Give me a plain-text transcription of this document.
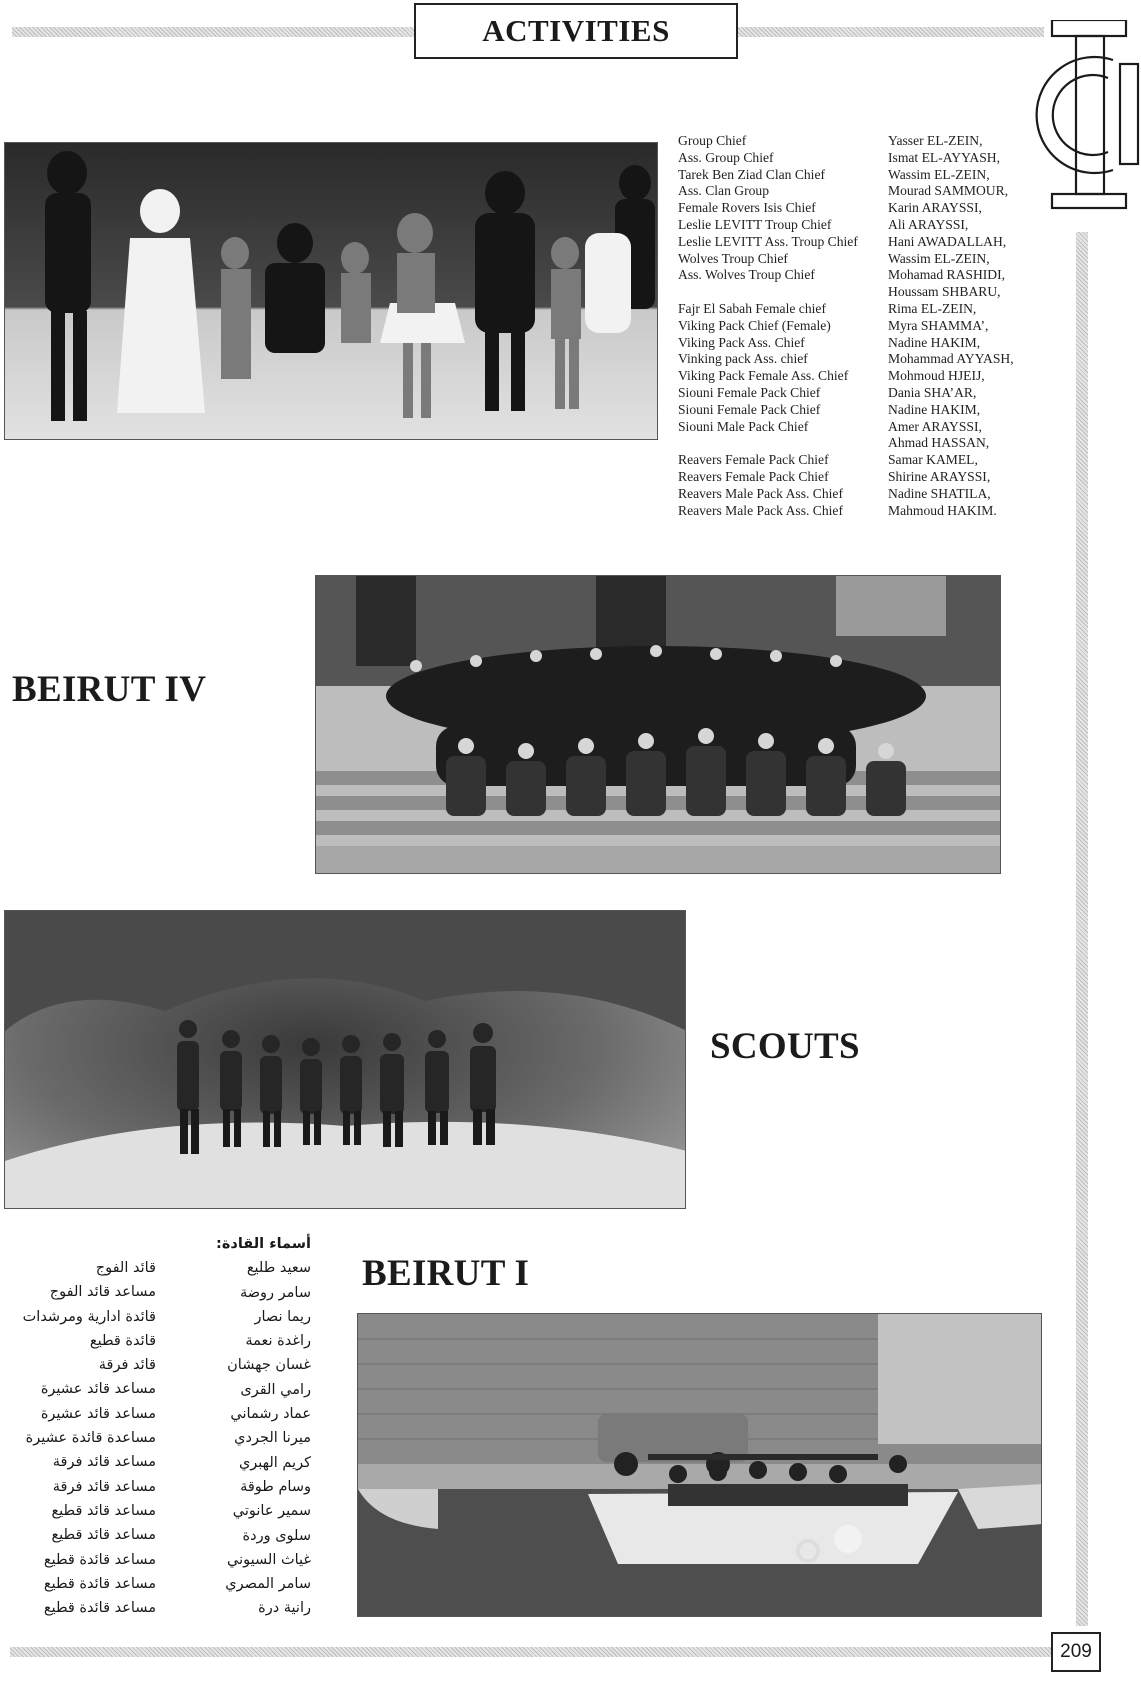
ACTIVITIES
Group Chief
Ass. Group Chief
Tarek Ben Ziad Clan Chief
Ass. Clan Group
Female Rovers Isis Chief
Leslie LEVITT Troup Chief
Leslie LEVITT Ass. Troup Chief
Wolves Troup Chief
Ass. Wolves Troup Chief
Fajr El Sabah Female chief
Viking Pack Chief (Female)
Viking Pack Ass. Chief
Vinking pack Ass. chief
Viking Pack Female Ass. Chief
Siouni Female Pack Chief
Siouni Female Pack Chief
Siouni Male Pack Chief
Reavers Female Pack Chief
Reavers Female Pack Chief
Reavers Male Pack Ass. Chief
Reavers Male Pack Ass. Chief
Yasser EL-ZEIN,
Ismat EL-AYYASH,
Wassim EL-ZEIN,
Mourad SAMMOUR,
Karin ARAYSSI,
Ali ARAYSSI,
Hani AWADALLAH,
Wassim EL-ZEIN,
Mohamad RASHIDI,
Houssam SHBARU,
Rima EL-ZEIN,
Myra SHAMMA’,
Nadine HAKIM,
Mohammad AYYASH,
Mohmoud HJEIJ,
Dania SHA’AR,
Nadine HAKIM,
Amer ARAYSSI,
Ahmad HASSAN,
Samar KAMEL,
Shirine ARAYSSI,
Nadine SHATILA,
Mahmoud HAKIM.
BEIRUT IV
SCOUTS
أسماء القادة:
سعيد طليع
سامر روضة
ريما نصار
راغدة نعمة
غسان جهشان
رامي القرى
عماد رشماني
ميرنا الجردي
كريم الهبري
وسام طوقة
سمير عانوتي
سلوى وردة
غياث السيوني
سامر المصري
رانية درة
قائد الفوج
مساعد قائد الفوج
قائدة ادارية ومرشدات
قائدة قطيع
قائد فرقة
مساعد قائد عشيرة
مساعد قائد عشيرة
مساعدة قائدة عشيرة
مساعد قائد فرقة
مساعد قائد فرقة
مساعد قائد قطيع
مساعد قائد قطيع
مساعد قائدة قطيع
مساعد قائدة قطيع
مساعد قائدة قطيع
BEIRUT I
209
